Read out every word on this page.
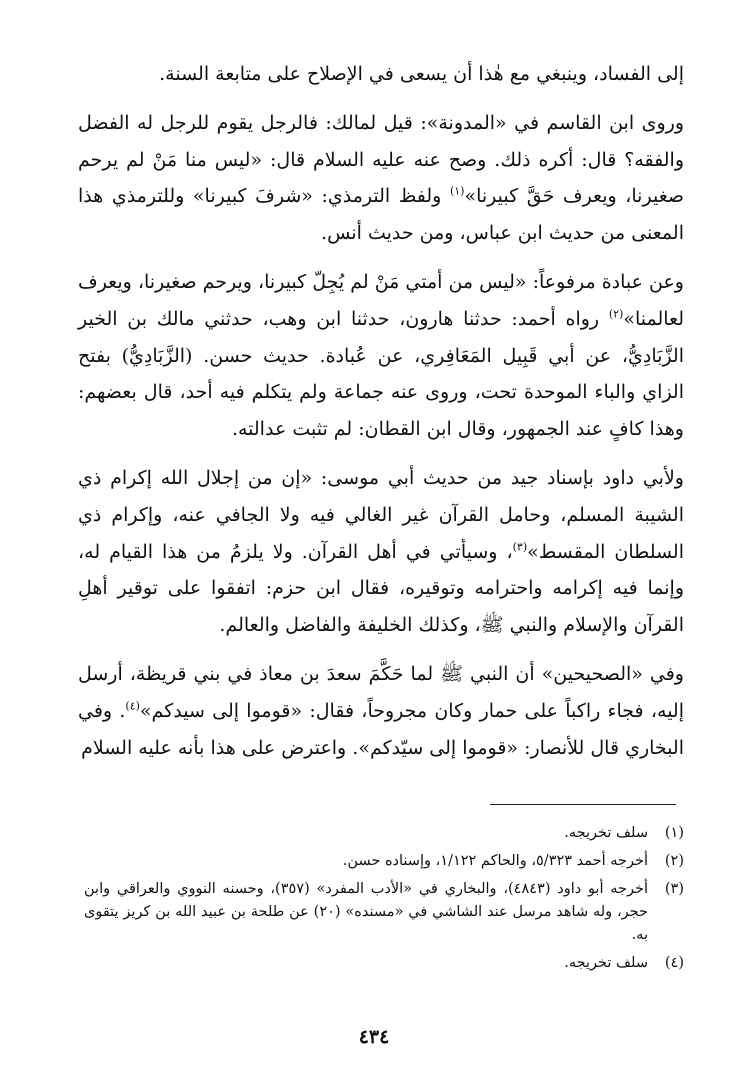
إلى الفساد، وينبغي مع هٰذا أن يسعى في الإصلاح على متابعة السنة.

وروى ابن القاسم في «المدونة»: قيل لمالك: فالرجل يقوم للرجل له الفضل والفقه؟ قال: أكره ذلك. وصح عنه عليه السلام قال: «ليس منا مَنْ لم يرحم صغيرنا، ويعرف حَقَّ كبيرنا»$^{(١)}$ ولفظ الترمذي: «شرفَ كبيرنا» وللترمذي هذا المعنى من حديث ابن عباس، ومن حديث أنس.

وعن عبادة مرفوعاً: «ليس من أمتي مَنْ لم يُجِلّ كبيرنا، ويرحم صغيرنا، ويعرف لعالمنا»$^{(٢)}$ رواه أحمد: حدثنا هارون، حدثنا ابن وهب، حدثني مالك بن الخير الزَّبَادِيُّ، عن أبي قَبِيل المَعَافِري، عن عُبادة. حديث حسن. (الزَّبَادِيُّ) بفتح الزاي والباء الموحدة تحت، وروى عنه جماعة ولم يتكلم فيه أحد، قال بعضهم: وهذا كافٍ عند الجمهور، وقال ابن القطان: لم تثبت عدالته.

ولأبي داود بإسناد جيد من حديث أبي موسى: «إن من إجلال الله إكرام ذي الشيبة المسلم، وحامل القرآن غير الغالي فيه ولا الجافي عنه، وإكرام ذي السلطان المقسط»$^{(٣)}$، وسيأتي في أهل القرآن. ولا يلزمُ من هذا القيام له، وإنما فيه إكرامه واحترامه وتوقيره، فقال ابن حزم: اتفقوا على توقير أهلِ القرآن والإسلام والنبي ﷺ، وكذلك الخليفة والفاضل والعالم.

وفي «الصحيحين» أن النبي ﷺ لما حَكَّمَ سعدَ بن معاذ في بني قريظة، أرسل إليه، فجاء راكباً على حمار وكان مجروحاً، فقال: «قوموا إلى سيدكم»$^{(٤)}$. وفي البخاري قال للأنصار: «قوموا إلى سيّدكم». واعترض على هذا بأنه عليه السلام

(١)
سلف تخريجه.
(٢)
أخرجه أحمد ٥/٣٢٣، والحاكم ١/١٢٢، وإسناده حسن.
(٣)
أخرجه أبو داود (٤٨٤٣)، والبخاري في «الأدب المفرد» (٣٥٧)، وحسنه النووي والعراقي وابن حجر، وله شاهد مرسل عند الشاشي في «مسنده» (٢٠) عن طلحة بن عبيد الله بن كريز يتقوى به.
(٤)
سلف تخريجه.
٤٣٤
